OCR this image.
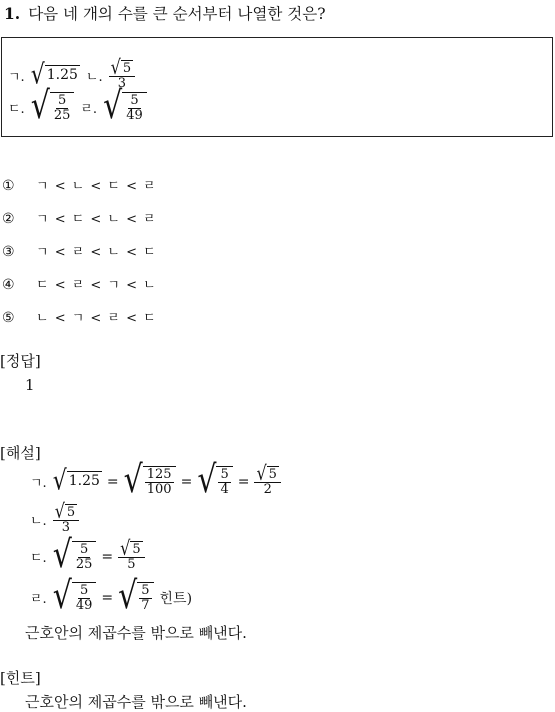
1. 다음 네 개의 수를 큰 순서부터 나열한 것은?
ㄱ. √ 1.25 ㄴ. $\frac{√ 5}{3}$
ㄷ. √ $\frac{5}{25}$ ㄹ. √ $\frac{5}{49}$
① ㄱ < ㄴ < ㄷ < ㄹ
② ㄱ < ㄷ < ㄴ < ㄹ
③ ㄱ < ㄹ < ㄴ < ㄷ
④ ㄷ < ㄹ < ㄱ < ㄴ
⑤ ㄴ < ㄱ < ㄹ < ㄷ
[정답]
1
[해설]
ㄱ. √ 1.25 = √ $\frac{125}{100}$ = √ $\frac{5}{4} = \frac{√ 5}{2}$
ㄴ. $\frac{√ 5}{3}$
ㄷ. √ $\frac{5}{25} = \frac{√ 5}{5}$
ㄹ. √ $\frac{5}{49}$ = √ $\frac{5}{7}$ 힌트)
근호안의 제곱수를 밖으로 빼낸다.
[힌트]
근호안의 제곱수를 밖으로 빼낸다.
